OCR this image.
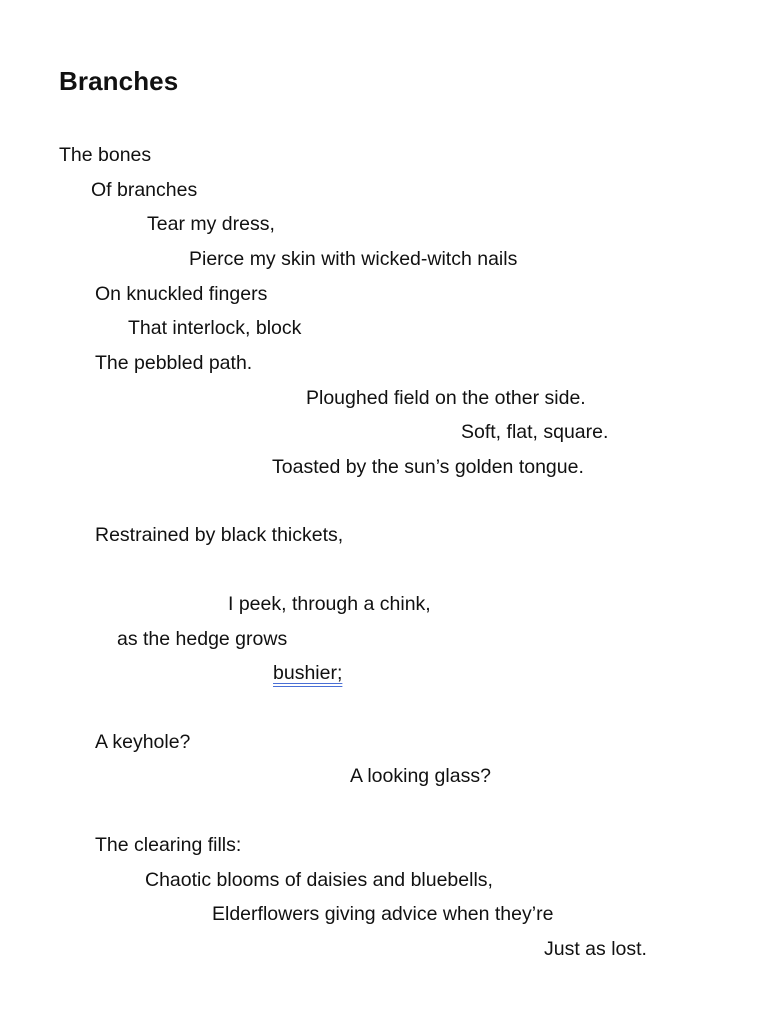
Branches

The bones

Of branches

Tear my dress,

Pierce my skin with wicked-witch nails

On knuckled fingers

That interlock, block

The pebbled path.

Ploughed field on the other side.

Soft, flat, square.

Toasted by the sun’s golden tongue.

Restrained by black thickets,

I peek, through a chink,

as the hedge grows

bushier;

A keyhole?

A looking glass?

The clearing fills:

Chaotic blooms of daisies and bluebells,

Elderflowers giving advice when they’re

Just as lost.
